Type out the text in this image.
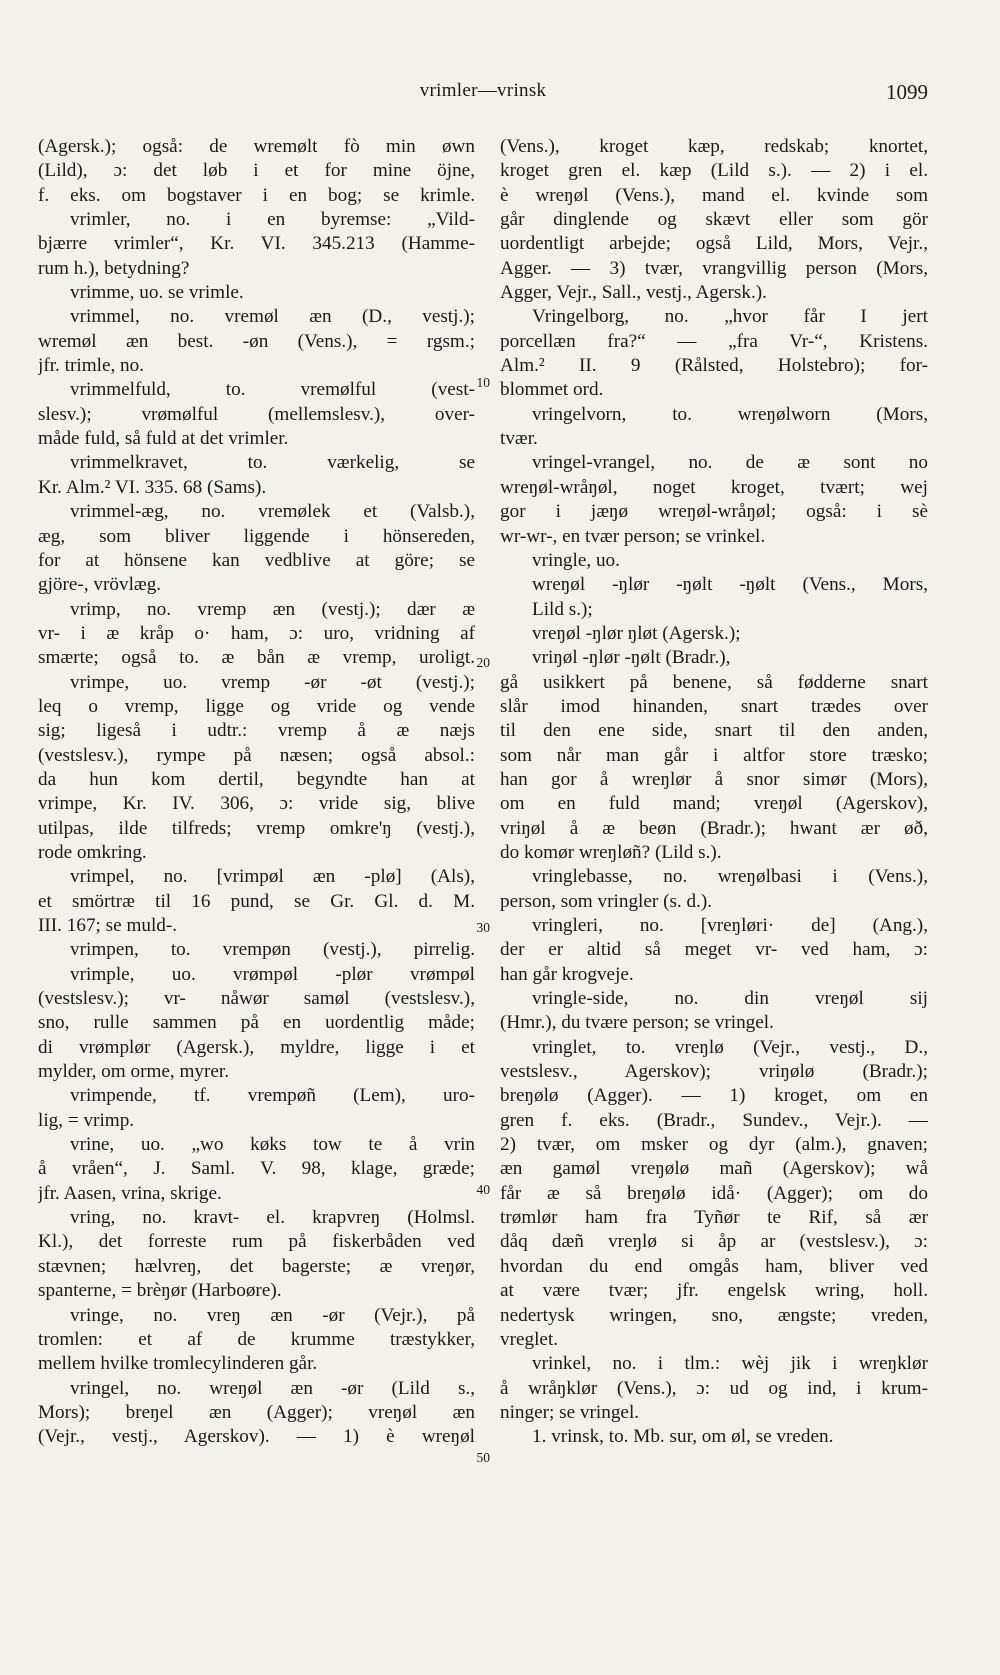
vrimler—vrinsk	1099
(Agersk.); også: de wremølt fò min øwn
(Lild), ɔ: det løb i et for mine öjne,
f. eks. om bogstaver i en bog; se krimle.
vrimler, no. i en byremse: „Vild-
bjærre vrimler“, Kr. VI. 345.213 (Hamme-
rum h.), betydning?
vrimme, uo. se vrimle.
vrimmel, no. vremøl æn (D., vestj.);
wremøl æn best. -øn (Vens.), = rgsm.;
jfr. trimle, no.
vrimmelfuld, to. vremølful (vest-
slesv.); vrømølful (mellemslesv.), over-
måde fuld, så fuld at det vrimler.
vrimmelkravet, to. værkelig, se
Kr. Alm.² VI. 335. 68 (Sams).
vrimmel-æg, no. vremølek et (Valsb.),
æg, som bliver liggende i hönsereden,
for at hönsene kan vedblive at göre; se
gjöre-, vrövlæg.
vrimp, no. vremp æn (vestj.); dær æ
vr- i æ kråp o· ham, ɔ: uro, vridning af
smærte; også to. æ bån æ vremp, uroligt.
vrimpe, uo. vremp -ør -øt (vestj.);
leq o vremp, ligge og vride og vende
sig; ligeså i udtr.: vremp å æ næjs
(vestslesv.), rympe på næsen; også absol.:
da hun kom dertil, begyndte han at
vrimpe, Kr. IV. 306, ɔ: vride sig, blive
utilpas, ilde tilfreds; vremp omkre'ŋ (vestj.),
rode omkring.
vrimpel, no. [vrimpøl æn -plø] (Als),
et smörtræ til 16 pund, se Gr. Gl. d. M.
III. 167; se muld-.
vrimpen, to. vrempøn (vestj.), pirrelig.
vrimple, uo. vrømpøl -plør vrømpøl
(vestslesv.); vr- nåwør samøl (vestslesv.),
sno, rulle sammen på en uordentlig måde;
di vrømplør (Agersk.), myldre, ligge i et
mylder, om orme, myrer.
vrimpende, tf. vrempøñ (Lem), uro-
lig, = vrimp.
vrine, uo. „wo køks tow te å vrin
å vråen“, J. Saml. V. 98, klage, græde;
jfr. Aasen, vrina, skrige.
vring, no. kravt- el. krapvreŋ (Holmsl.
Kl.), det forreste rum på fiskerbåden ved
stævnen; hælvreŋ, det bagerste; æ vreŋør,
spanterne, = brèŋør (Harboøre).
vringe, no. vreŋ æn -ør (Vejr.), på
tromlen: et af de krumme træstykker,
mellem hvilke tromlecylinderen går.
vringel, no. wreŋøl æn -ør (Lild s.,
Mors); breŋel æn (Agger); vreŋøl æn
(Vejr., vestj., Agerskov). — 1) è wreŋøl
10
20
30
40
50
(Vens.), kroget kæp, redskab; knortet,
kroget gren el. kæp (Lild s.). — 2) i el.
è wreŋøl (Vens.), mand el. kvinde som
går dinglende og skævt eller som gör
uordentligt arbejde; også Lild, Mors, Vejr.,
Agger. — 3) tvær, vrangvillig person (Mors,
Agger, Vejr., Sall., vestj., Agersk.).
Vringelborg, no. „hvor får I jert
porcellæn fra?“ — „fra Vr-“, Kristens.
Alm.² II. 9 (Rålsted, Holstebro); for-
blommet ord.
vringelvorn, to. wreŋølworn (Mors,
tvær.
vringel-vrangel, no. de æ sont no
wreŋøl-wråŋøl, noget kroget, tvært; wej
gor i jæŋø wreŋøl-wråŋøl; også: i sè
wr-wr-, en tvær person; se vrinkel.
vringle, uo.
wreŋøl -ŋlør -ŋølt -ŋølt (Vens., Mors,
Lild s.);
vreŋøl -ŋlør ŋløt (Agersk.);
vriŋøl -ŋlør -ŋølt (Bradr.),
gå usikkert på benene, så fødderne snart
slår imod hinanden, snart trædes over
til den ene side, snart til den anden,
som når man går i altfor store træsko;
han gor å wreŋlør å snor simør (Mors),
om en fuld mand; vreŋøl (Agerskov),
vriŋøl å æ beøn (Bradr.); hwant ær øð,
do komør wreŋløñ? (Lild s.).
vringlebasse, no. wreŋølbasi i (Vens.),
person, som vringler (s. d.).
vringleri, no. [vreŋløri· de] (Ang.),
der er altid så meget vr- ved ham, ɔ:
han går krogveje.
vringle-side, no. din vreŋøl sij
(Hmr.), du tvære person; se vringel.
vringlet, to. vreŋlø (Vejr., vestj., D.,
vestslesv., Agerskov); vriŋølø (Bradr.);
breŋølø (Agger). — 1) kroget, om en
gren f. eks. (Bradr., Sundev., Vejr.). —
2) tvær, om msker og dyr (alm.), gnaven;
æn gamøl vreŋølø mañ (Agerskov); wå
får æ så breŋølø idå· (Agger); om do
trømlør ham fra Tyñør te Rif, så ær
dåq dæñ vreŋlø si åp ar (vestslesv.), ɔ:
hvordan du end omgås ham, bliver ved
at være tvær; jfr. engelsk wring, holl.
nedertysk wringen, sno, ængste; vreden,
vreglet.
vrinkel, no. i tlm.: wèj jik i wreŋklør
å wråŋklør (Vens.), ɔ: ud og ind, i krum-
ninger; se vringel.
1. vrinsk, to. Mb. sur, om øl, se vreden.
